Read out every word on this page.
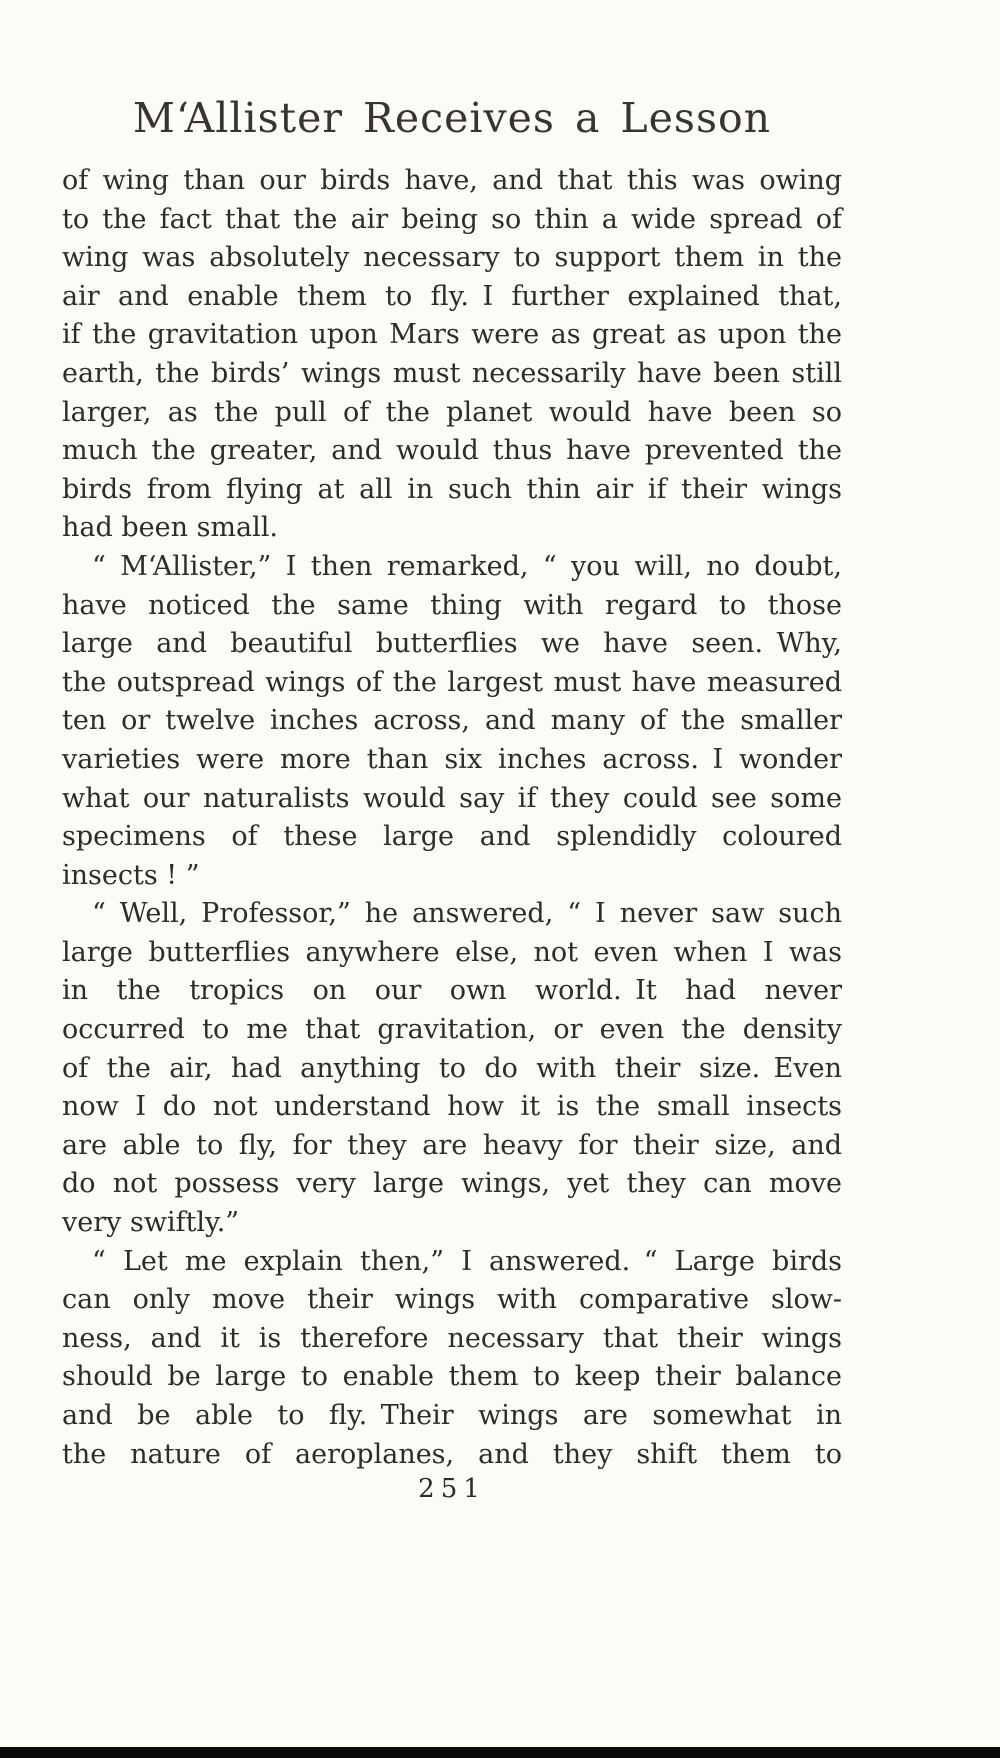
M‘Allister Receives a Lesson

of wing than our birds have, and that this was owing
to the fact that the air being so thin a wide spread of
wing was absolutely necessary to support them in the
air and enable them to fly. I further explained that,
if the gravitation upon Mars were as great as upon the
earth, the birds’ wings must necessarily have been still
larger, as the pull of the planet would have been so
much the greater, and would thus have prevented the
birds from flying at all in such thin air if their wings
had been small.

“ M‘Allister,” I then remarked, “ you will, no doubt,
have noticed the same thing with regard to those
large and beautiful butterflies we have seen. Why,
the outspread wings of the largest must have measured
ten or twelve inches across, and many of the smaller
varieties were more than six inches across. I wonder
what our naturalists would say if they could see some
specimens of these large and splendidly coloured
insects ! ”

“ Well, Professor,” he answered, “ I never saw such
large butterflies anywhere else, not even when I was
in the tropics on our own world. It had never
occurred to me that gravitation, or even the density
of the air, had anything to do with their size. Even
now I do not understand how it is the small insects
are able to fly, for they are heavy for their size, and
do not possess very large wings, yet they can move
very swiftly.”

“ Let me explain then,” I answered. “ Large birds
can only move their wings with comparative slow-
ness, and it is therefore necessary that their wings
should be large to enable them to keep their balance
and be able to fly. Their wings are somewhat in
the nature of aeroplanes, and they shift them to

251
